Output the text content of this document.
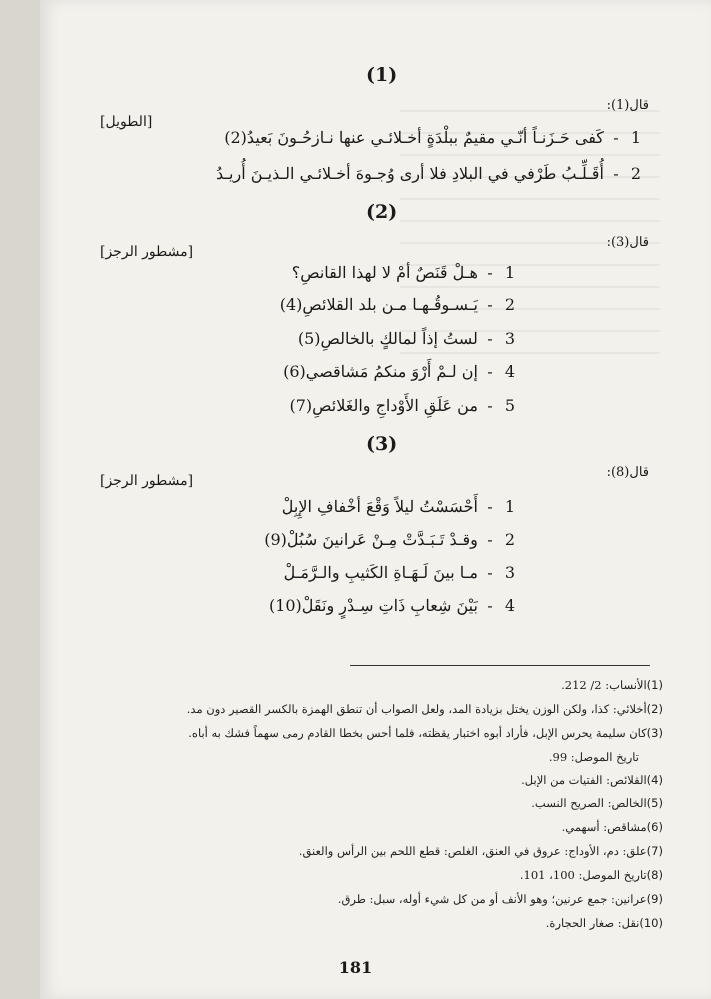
(1)
قال(1):
[الطويل]
1- كَفى حَـزَنـاً أنّـي مقيمٌ ببلْدَةٍ أخـلائـي عنها نـازحُـونَ بَعيدُ(2)
2- أُقَـلِّـبُ طَرْفي في البلادِ فلا أرى وُجـوهَ أخـلائـي الـذيـنَ أُريـدُ
(2)
قال(3):
[مشطور الرجز]
1- هـلْ قَنَصٌ أمْ لا لهذا القانصِ؟
2- يَـسـوقُـهـا مـن بلد القلائصِ(4)
3- لستُ إذاً لمالكٍ بالخالصِ(5)
4- إن لـمْ أَرْوَ منكمُ مَشاقصي(6)
5- من عَلَقِ الأَوْداجِ والغَلائصِ(7)
(3)
قال(8):
[مشطور الرجز]
1- أَحْسَسْتُ ليلاً وَقْعَ أخْفافِ الإِبِلْ
2- وقـدْ تَـبَـدَّتْ مِـنْ عَرانينَ سُبُلْ(9)
3- مـا بينَ لَـهَـاةِ الكَثيبِ والـرَّمَـلْ
4- بَيْنَ شِعابِ ذَاتِ سِـدْرٍ ونَقَلْ(10)
(1)الأنساب: 2/ 212.
(2)أخلائي: كذا، ولكن الوزن يختل بزيادة المد، ولعل الصواب أن تنطق الهمزة بالكسر القصير دون مد.
(3)كان سليمة يحرس الإبل، فأراد أبوه اختبار يقظته، فلما أحس بخطا القادم رمى سهماً فشك به أباه.
تاريخ الموصل: 99.
(4)القلائص: الفتيات من الإبل.
(5)الخالص: الصريح النسب.
(6)مشاقص: أسهمي.
(7)علق: دم، الأوداج: عروق في العنق، الغلص: قطع اللحم بين الرأس والعنق.
(8)تاريخ الموصل: 100، 101.
(9)عرانين: جمع عرنين؛ وهو الأنف أو من كل شيء أوله، سبل: طرق.
(10)نقل: صغار الحجارة.
181
